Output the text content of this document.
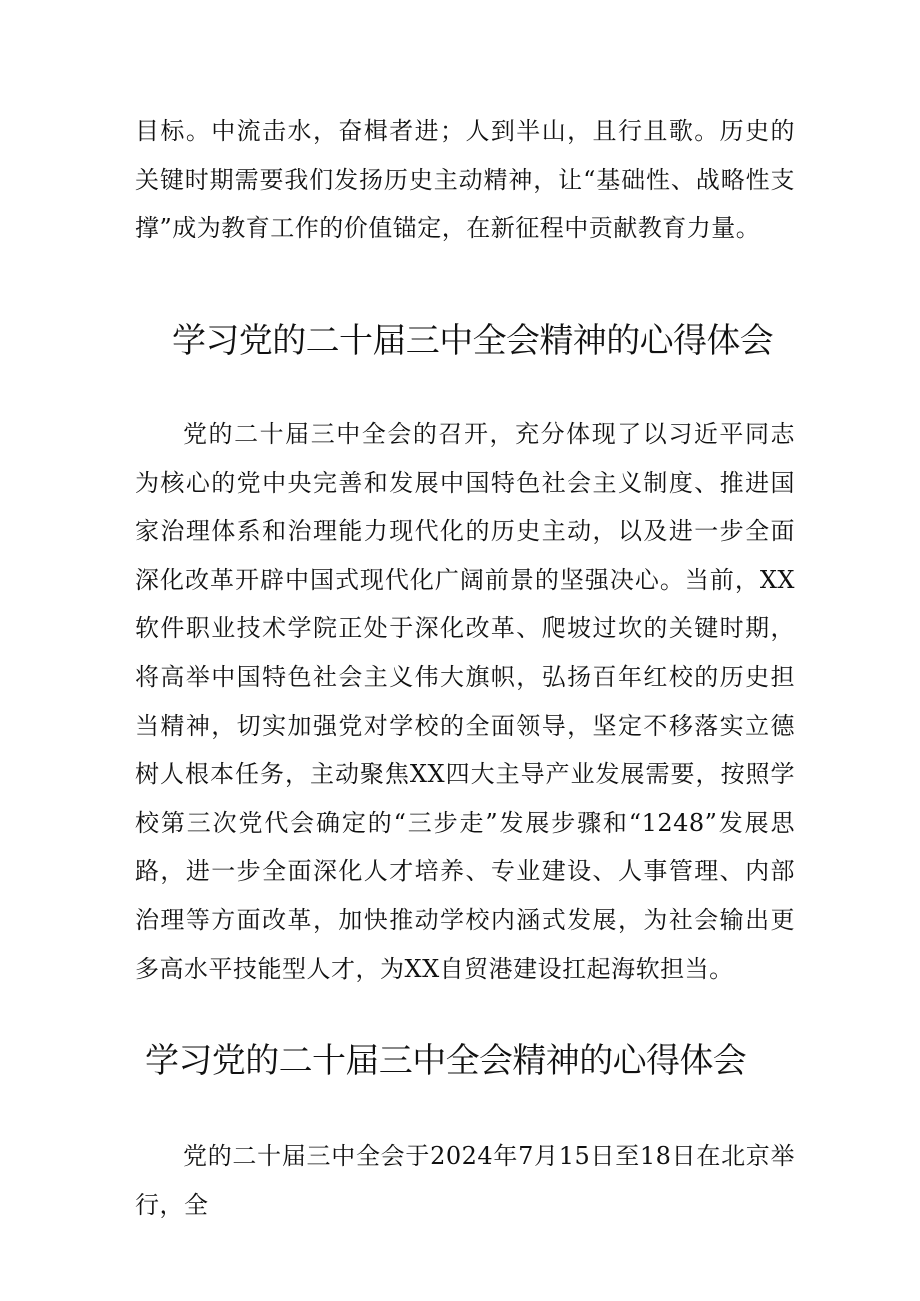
目标。中流击水，奋楫者进；人到半山，且行且歌。历史的关键时期需要我们发扬历史主动精神，让“基础性、战略性支撑”成为教育工作的价值锚定，在新征程中贡献教育力量。

学习党的二十届三中全会精神的心得体会

党的二十届三中全会的召开，充分体现了以习近平同志为核心的党中央完善和发展中国特色社会主义制度、推进国家治理体系和治理能力现代化的历史主动，以及进一步全面深化改革开辟中国式现代化广阔前景的坚强决心。当前，XX软件职业技术学院正处于深化改革、爬坡过坎的关键时期，将高举中国特色社会主义伟大旗帜，弘扬百年红校的历史担当精神，切实加强党对学校的全面领导，坚定不移落实立德树人根本任务，主动聚焦XX四大主导产业发展需要，按照学校第三次党代会确定的“三步走”发展步骤和“1248”发展思路，进一步全面深化人才培养、专业建设、人事管理、内部治理等方面改革，加快推动学校内涵式发展，为社会输出更多高水平技能型人才，为XX自贸港建设扛起海软担当。

学习党的二十届三中全会精神的心得体会

党的二十届三中全会于2024年7月15日至18日在北京举行，全
